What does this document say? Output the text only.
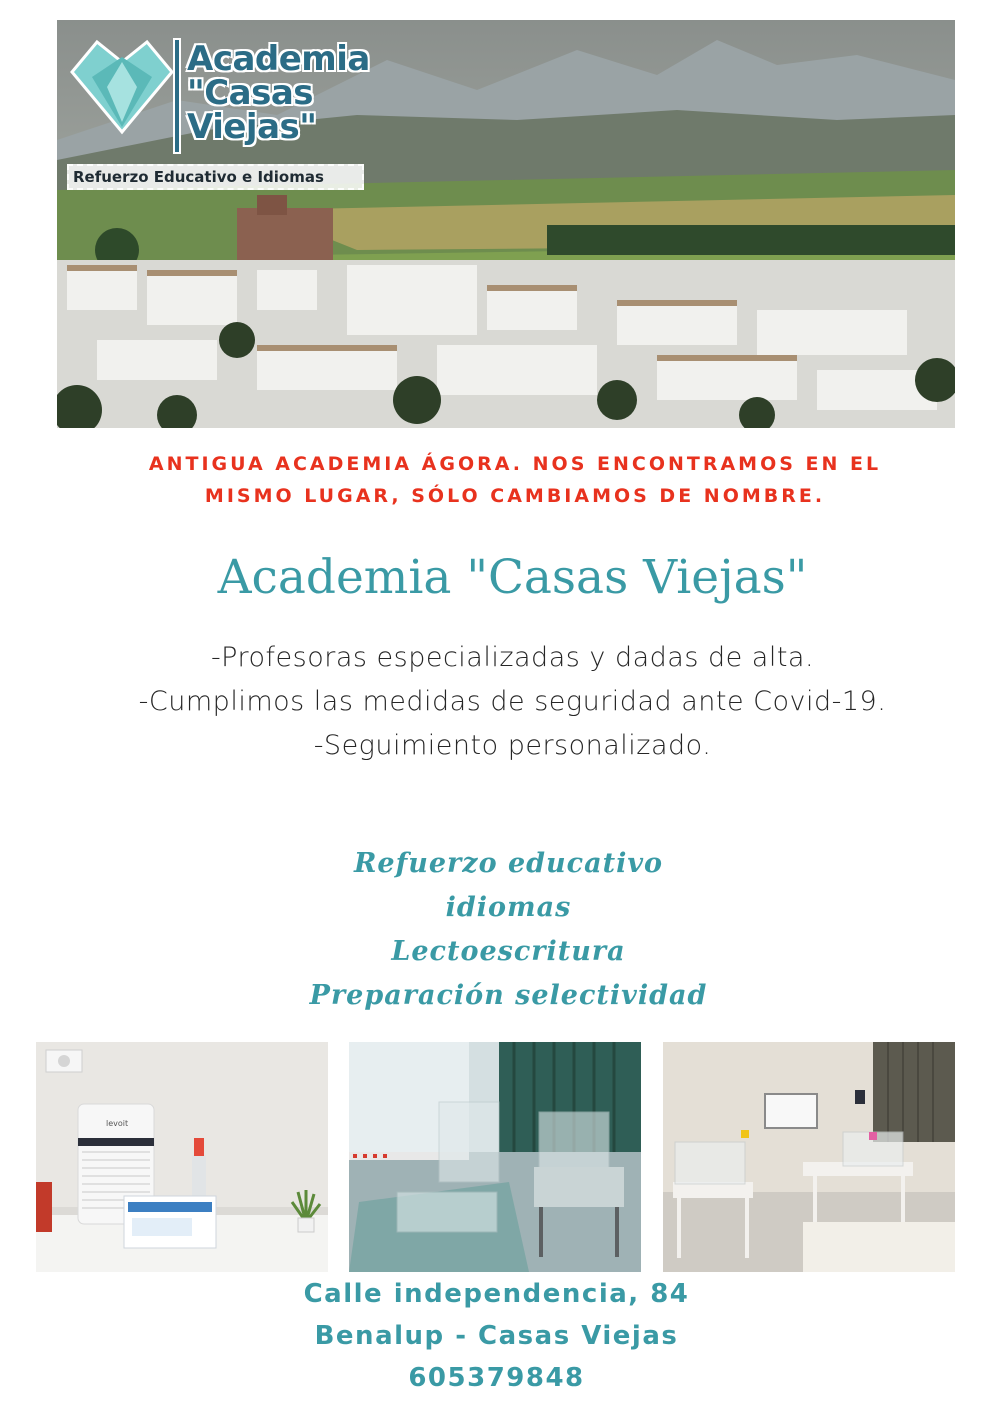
Academia
"Casas
Viejas"
Refuerzo Educativo e Idiomas
ANTIGUA ACADEMIA ÁGORA. NOS ENCONTRAMOS EN EL
MISMO LUGAR, SÓLO CAMBIAMOS DE NOMBRE.
Academia "Casas Viejas"
-Profesoras especializadas y dadas de alta.
-Cumplimos las medidas de seguridad ante Covid-19.
-Seguimiento personalizado.
Refuerzo educativo
idiomas
Lectoescritura
Preparación selectividad
levoit
Calle independencia, 84
Benalup - Casas Viejas
605379848
